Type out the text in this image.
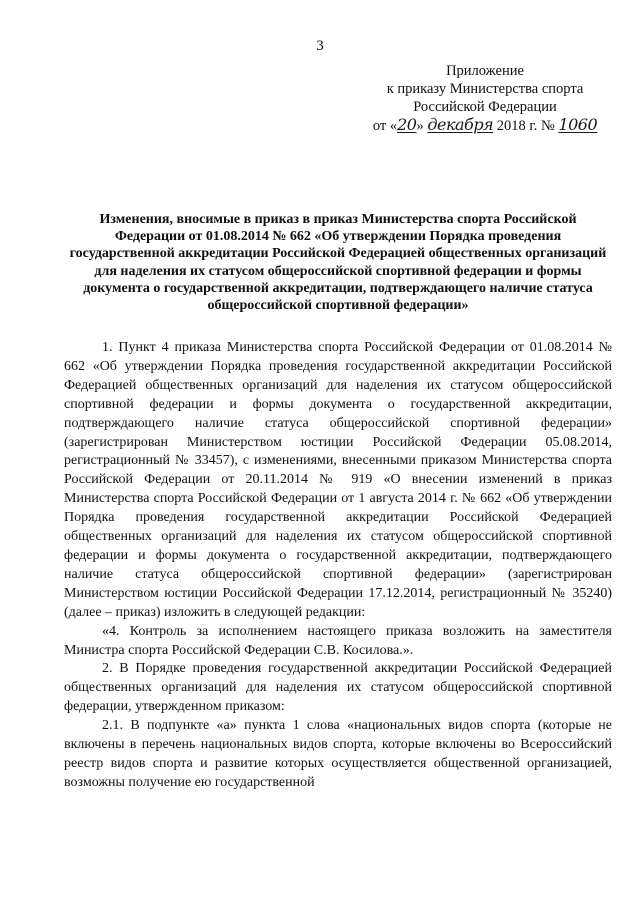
3
Приложение
к приказу Министерства спорта
Российской Федерации
от «20» декабря 2018 г. № 1060
Изменения, вносимые в приказ в приказ Министерства спорта Российской Федерации от 01.08.2014 № 662 «Об утверждении Порядка проведения государственной аккредитации Российской Федерацией общественных организаций для наделения их статусом общероссийской спортивной федерации и формы документа о государственной аккредитации, подтверждающего наличие статуса общероссийской спортивной федерации»

1. Пункт 4 приказа Министерства спорта Российской Федерации от 01.08.2014 № 662 «Об утверждении Порядка проведения государственной аккредитации Российской Федерацией общественных организаций для наделения их статусом общероссийской спортивной федерации и формы документа о государственной аккредитации, подтверждающего наличие статуса общероссийской спортивной федерации» (зарегистрирован Министерством юстиции Российской Федерации 05.08.2014, регистрационный № 33457), с изменениями, внесенными приказом Министерства спорта Российской Федерации от 20.11.2014 № 919 «О внесении изменений в приказ Министерства спорта Российской Федерации от 1 августа 2014 г. № 662 «Об утверждении Порядка проведения государственной аккредитации Российской Федерацией общественных организаций для наделения их статусом общероссийской спортивной федерации и формы документа о государственной аккредитации, подтверждающего наличие статуса общероссийской спортивной федерации» (зарегистрирован Министерством юстиции Российской Федерации 17.12.2014, регистрационный № 35240) (далее – приказ) изложить в следующей редакции:

«4. Контроль за исполнением настоящего приказа возложить на заместителя Министра спорта Российской Федерации С.В. Косилова.».

2. В Порядке проведения государственной аккредитации Российской Федерацией общественных организаций для наделения их статусом общероссийской спортивной федерации, утвержденном приказом:

2.1. В подпункте «а» пункта 1 слова «национальных видов спорта (которые не включены в перечень национальных видов спорта, которые включены во Всероссийский реестр видов спорта и развитие которых осуществляется общественной организацией, возможны получение ею государственной
